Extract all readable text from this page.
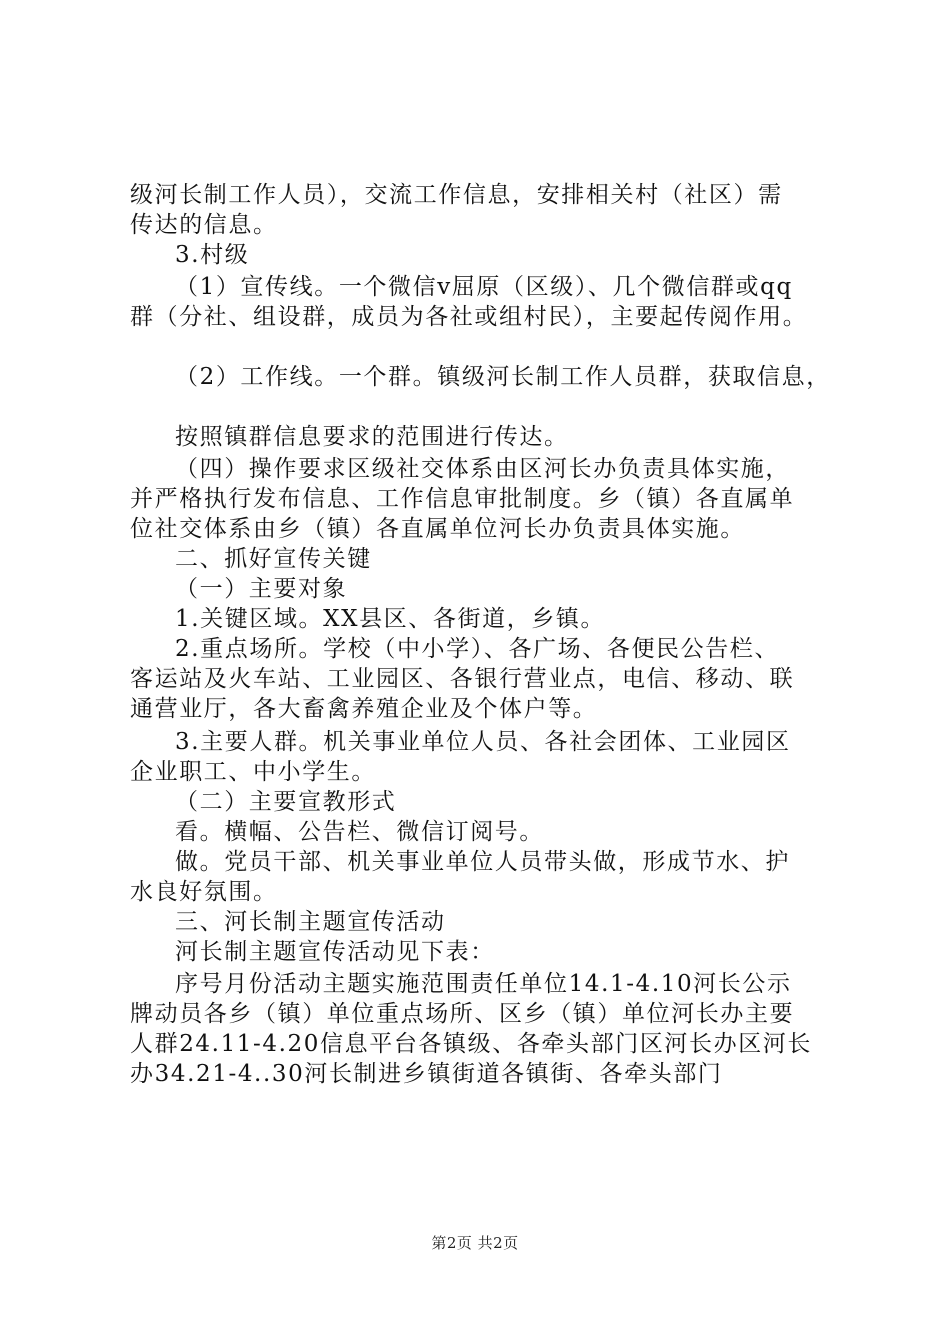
级河长制工作人员），交流工作信息，安排相关村（社区）需
传达的信息。
3.村级
（1）宣传线。一个微信v屈原（区级）、几个微信群或qq
群（分社、组设群，成员为各社或组村民），主要起传阅作用。
（2）工作线。一个群。镇级河长制工作人员群，获取信息，
按照镇群信息要求的范围进行传达。
（四）操作要求区级社交体系由区河长办负责具体实施，
并严格执行发布信息、工作信息审批制度。乡（镇）各直属单
位社交体系由乡（镇）各直属单位河长办负责具体实施。
二、抓好宣传关键
（一）主要对象
1.关键区域。XX县区、各街道，乡镇。
2.重点场所。学校（中小学）、各广场、各便民公告栏、
客运站及火车站、工业园区、各银行营业点，电信、移动、联
通营业厅，各大畜禽养殖企业及个体户等。
3.主要人群。机关事业单位人员、各社会团体、工业园区
企业职工、中小学生。
（二）主要宣教形式
看。横幅、公告栏、微信订阅号。
做。党员干部、机关事业单位人员带头做，形成节水、护
水良好氛围。
三、河长制主题宣传活动
河长制主题宣传活动见下表：
序号月份活动主题实施范围责任单位14.1-4.10河长公示
牌动员各乡（镇）单位重点场所、区乡（镇）单位河长办主要
人群24.11-4.20信息平台各镇级、各牵头部门区河长办区河长
办34.21-4..30河长制进乡镇街道各镇街、各牵头部门
第2页 共2页
